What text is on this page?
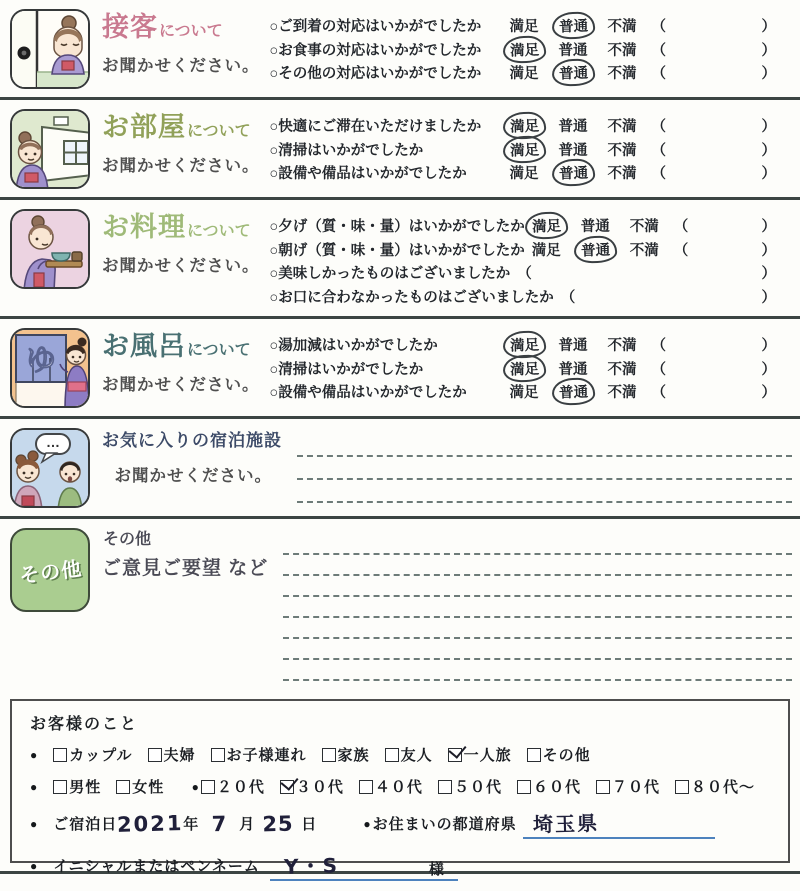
接客について
お聞かせください。
○ご到着の対応はいかがでしたか	満足	普通	不満	（	）
○お食事の対応はいかがでしたか	満足	普通	不満	（	）
○その他の対応はいかがでしたか	満足	普通	不満	（	）
お部屋について
お聞かせください。
○快適にご滞在いただけましたか	満足	普通	不満	（	）
○清掃はいかがでしたか	満足	普通	不満	（	）
○設備や備品はいかがでしたか	満足	普通	不満	（	）
お料理について
お聞かせください。
○夕げ（質・味・量）はいかがでしたか 満足	普通	不満	（	）
○朝げ（質・味・量）はいかがでしたか 満足	普通	不満	（	）
○美味しかったものはございましたか （	）
○お口に合わなかったものはございましたか （	）
ゆ お風呂について
お聞かせください。
○湯加減はいかがでしたか	満足	普通	不満	（	）
○清掃はいかがでしたか	満足	普通	不満	（	）
○設備や備品はいかがでしたか	満足	普通	不満	（	）
… お気に入りの宿泊施設
お聞かせください。
その他
その他
ご意見ご要望 など
お客様のこと
● カップル 夫婦 お子様連れ 家族 友人 一人旅 その他
● 男性 女性 ● ２０代 ３０代 ４０代 ５０代 ６０代 ７０代 ８０代～
● ご宿泊日 2021 年 7 月 25 日	● お住まいの都道府県 埼玉県
● イニシャルまたはペンネーム Y・S	様
